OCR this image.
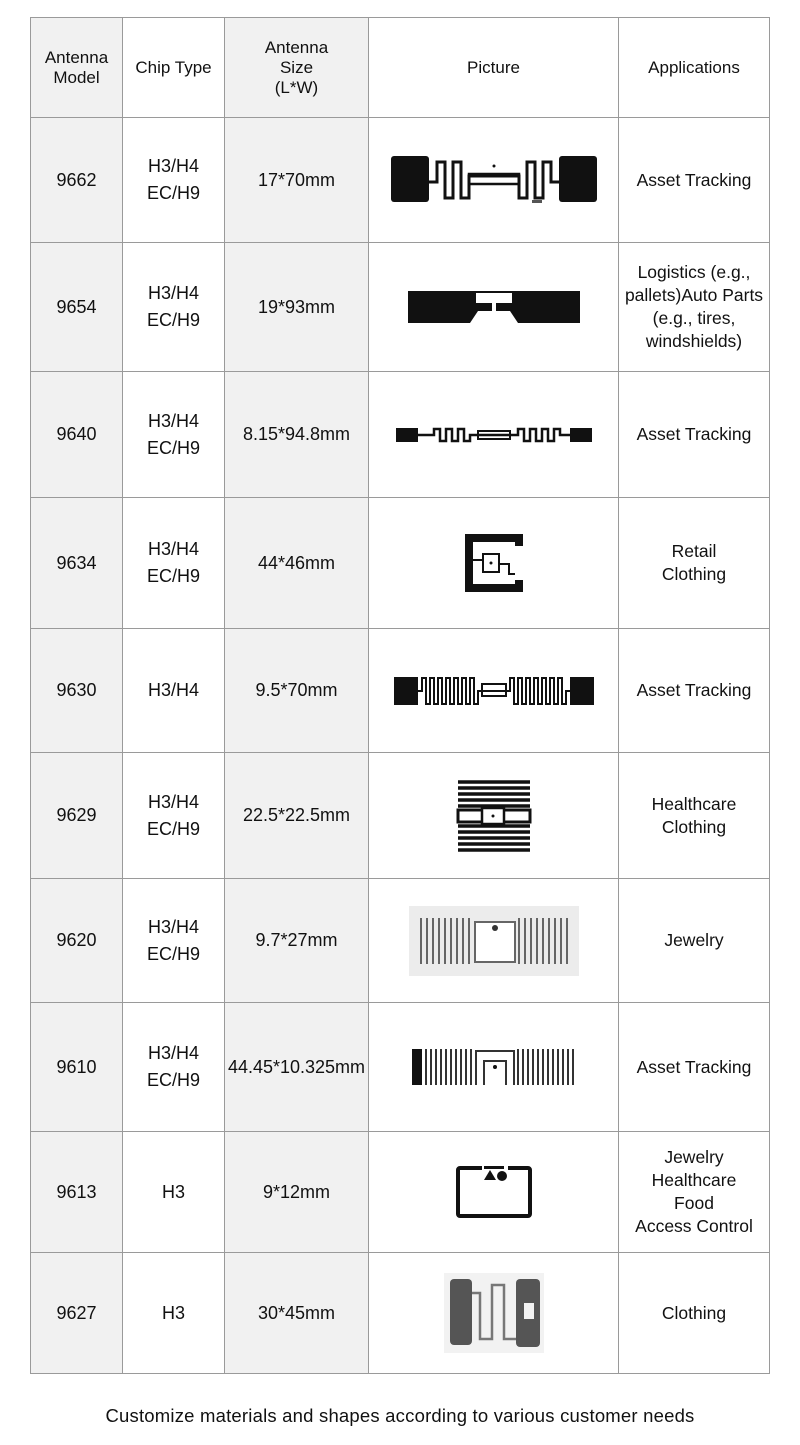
Antenna
Model	Chip Type	Antenna
Size
(L*W)	Picture	Applications

9662	H3/H4
EC/H9	17*70mm		Asset Tracking

9654	H3/H4
EC/H9	19*93mm		Logistics (e.g.,
pallets)Auto Parts
(e.g., tires,
windshields)

9640	H3/H4
EC/H9	8.15*94.8mm		Asset Tracking

9634	H3/H4
EC/H9	44*46mm		Retail
Clothing

9630	H3/H4	9.5*70mm		Asset Tracking

9629	H3/H4
EC/H9	22.5*22.5mm		Healthcare
Clothing

9620	H3/H4
EC/H9	9.7*27mm		Jewelry

9610	H3/H4
EC/H9	44.45*10.325mm		Asset Tracking

9613	H3	9*12mm		Jewelry
Healthcare
Food
Access Control

9627	H3	30*45mm		Clothing
Customize materials and shapes according to various customer needs
